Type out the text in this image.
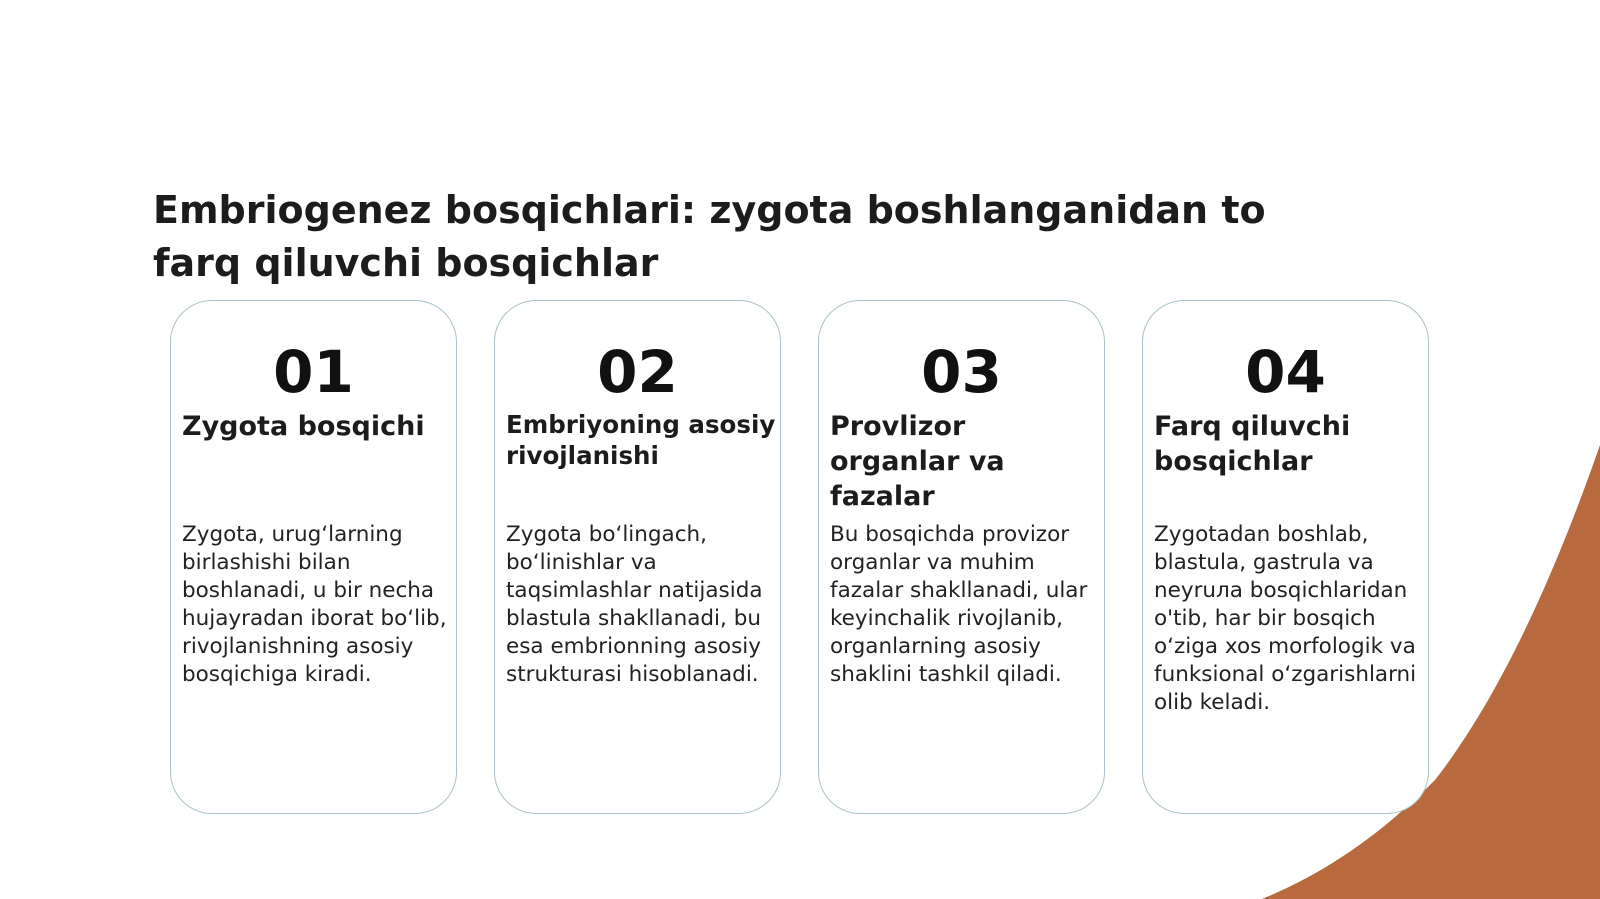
Embriogenez bosqichlari: zygota boshlanganidan to farq qiluvchi bosqichlar
01
Zygota bosqichi
Zygota, urug‘larning birlashishi bilan boshlanadi, u bir necha hujayradan iborat bo‘lib, rivojlanishning asosiy bosqichiga kiradi.
02
Embriyoning asosiy rivojlanishi
Zygota bo‘lingach, bo‘linishlar va taqsimlashlar natijasida blastula shakllanadi, bu esa embrionning asosiy strukturasi hisoblanadi.
03
Provlizor organlar va fazalar
Bu bosqichda provizor organlar va muhim fazalar shakllanadi, ular keyinchalik rivojlanib, organlarning asosiy shaklini tashkil qiladi.
04
Farq qiluvchi bosqichlar
Zygotadan boshlab, blastula, gastrula va neyruлa bosqichlaridan o'tib, har bir bosqich o‘ziga xos morfologik va funksional o‘zgarishlarni olib keladi.
